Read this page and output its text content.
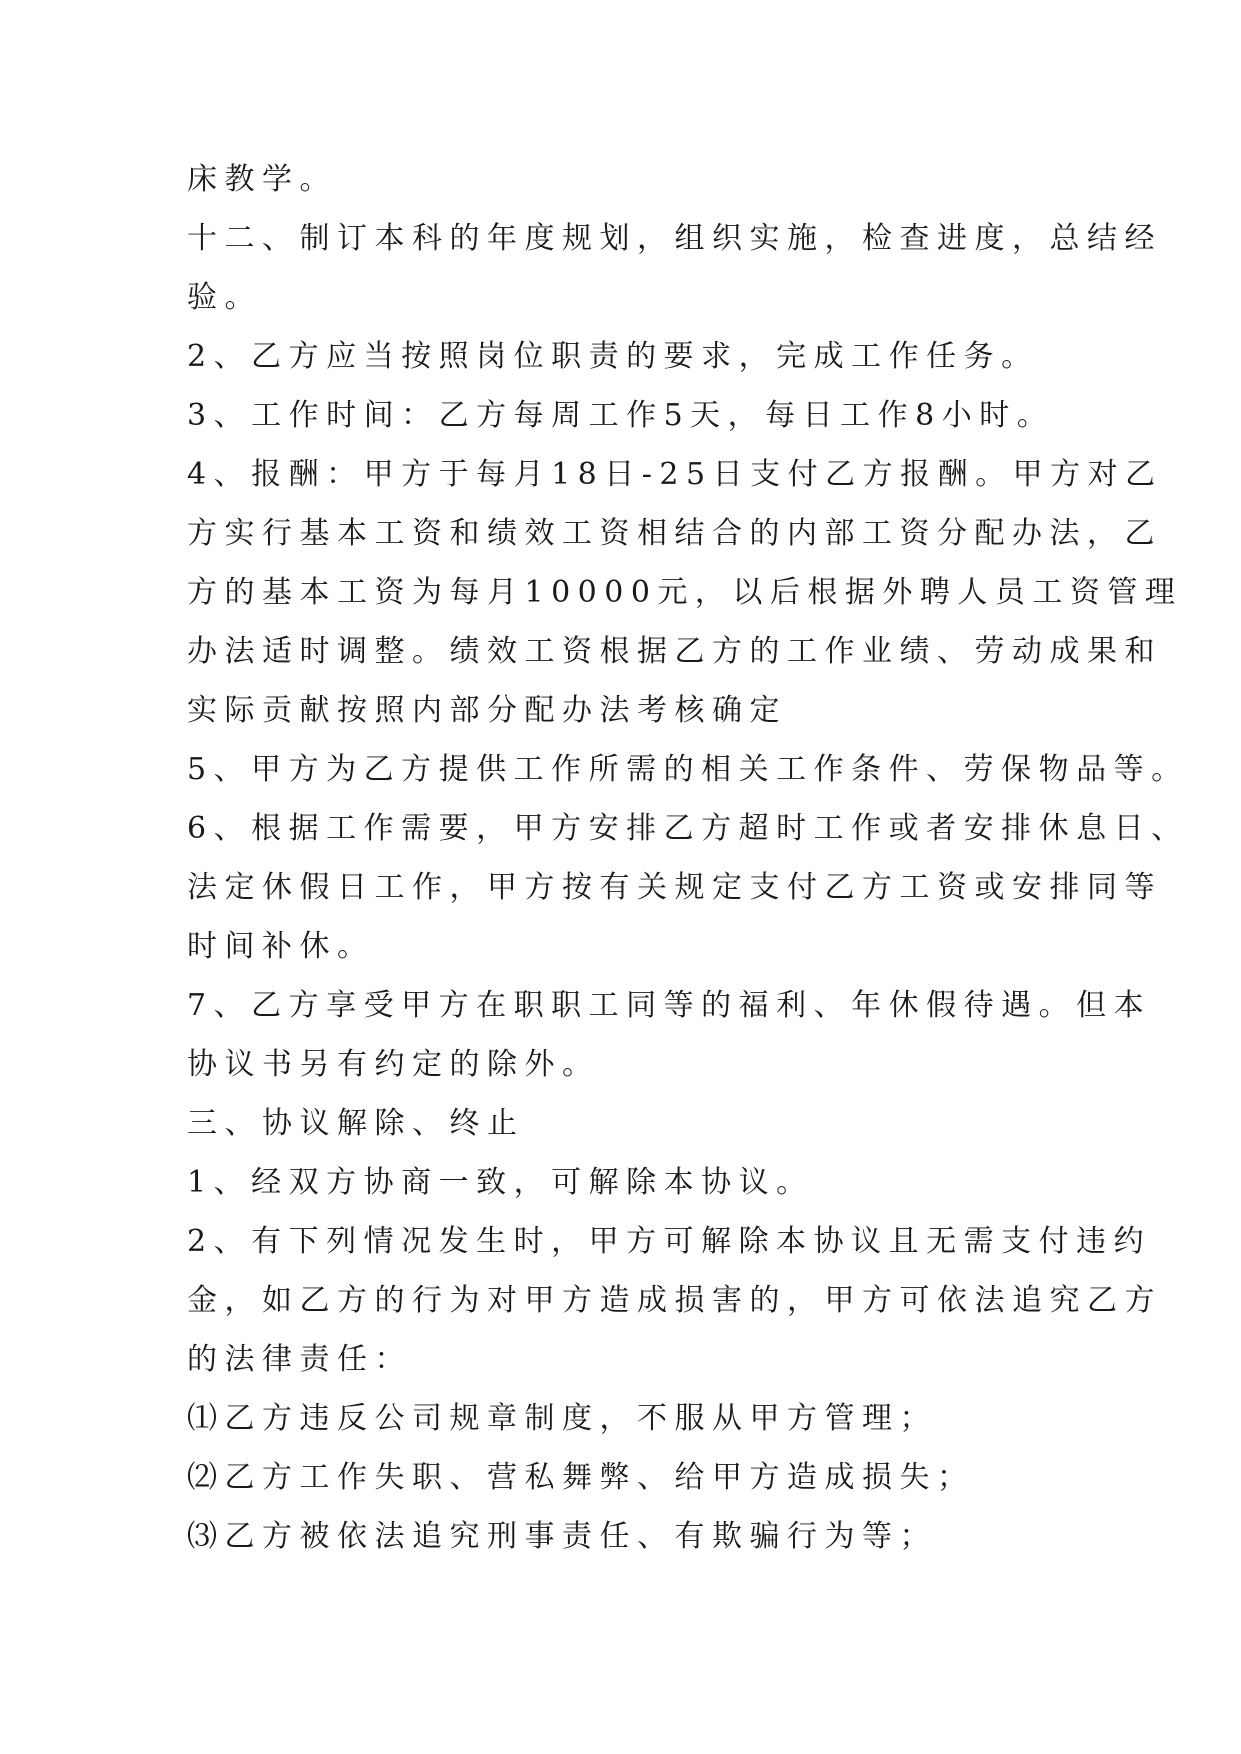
床教学。
十二、制订本科的年度规划，组织实施，检查进度，总结经
验。
2、乙方应当按照岗位职责的要求，完成工作任务。
3、工作时间：乙方每周工作5天，每日工作8小时。
4、报酬：甲方于每月18日-25日支付乙方报酬。甲方对乙
方实行基本工资和绩效工资相结合的内部工资分配办法，乙
方的基本工资为每月10000元，以后根据外聘人员工资管理
办法适时调整。绩效工资根据乙方的工作业绩、劳动成果和
实际贡献按照内部分配办法考核确定
5、甲方为乙方提供工作所需的相关工作条件、劳保物品等。
6、根据工作需要，甲方安排乙方超时工作或者安排休息日、
法定休假日工作，甲方按有关规定支付乙方工资或安排同等
时间补休。
7、乙方享受甲方在职职工同等的福利、年休假待遇。但本
协议书另有约定的除外。
三、协议解除、终止
1、经双方协商一致，可解除本协议。
2、有下列情况发生时，甲方可解除本协议且无需支付违约
金，如乙方的行为对甲方造成损害的，甲方可依法追究乙方
的法律责任：
⑴乙方违反公司规章制度，不服从甲方管理；
⑵乙方工作失职、营私舞弊、给甲方造成损失；
⑶乙方被依法追究刑事责任、有欺骗行为等；
